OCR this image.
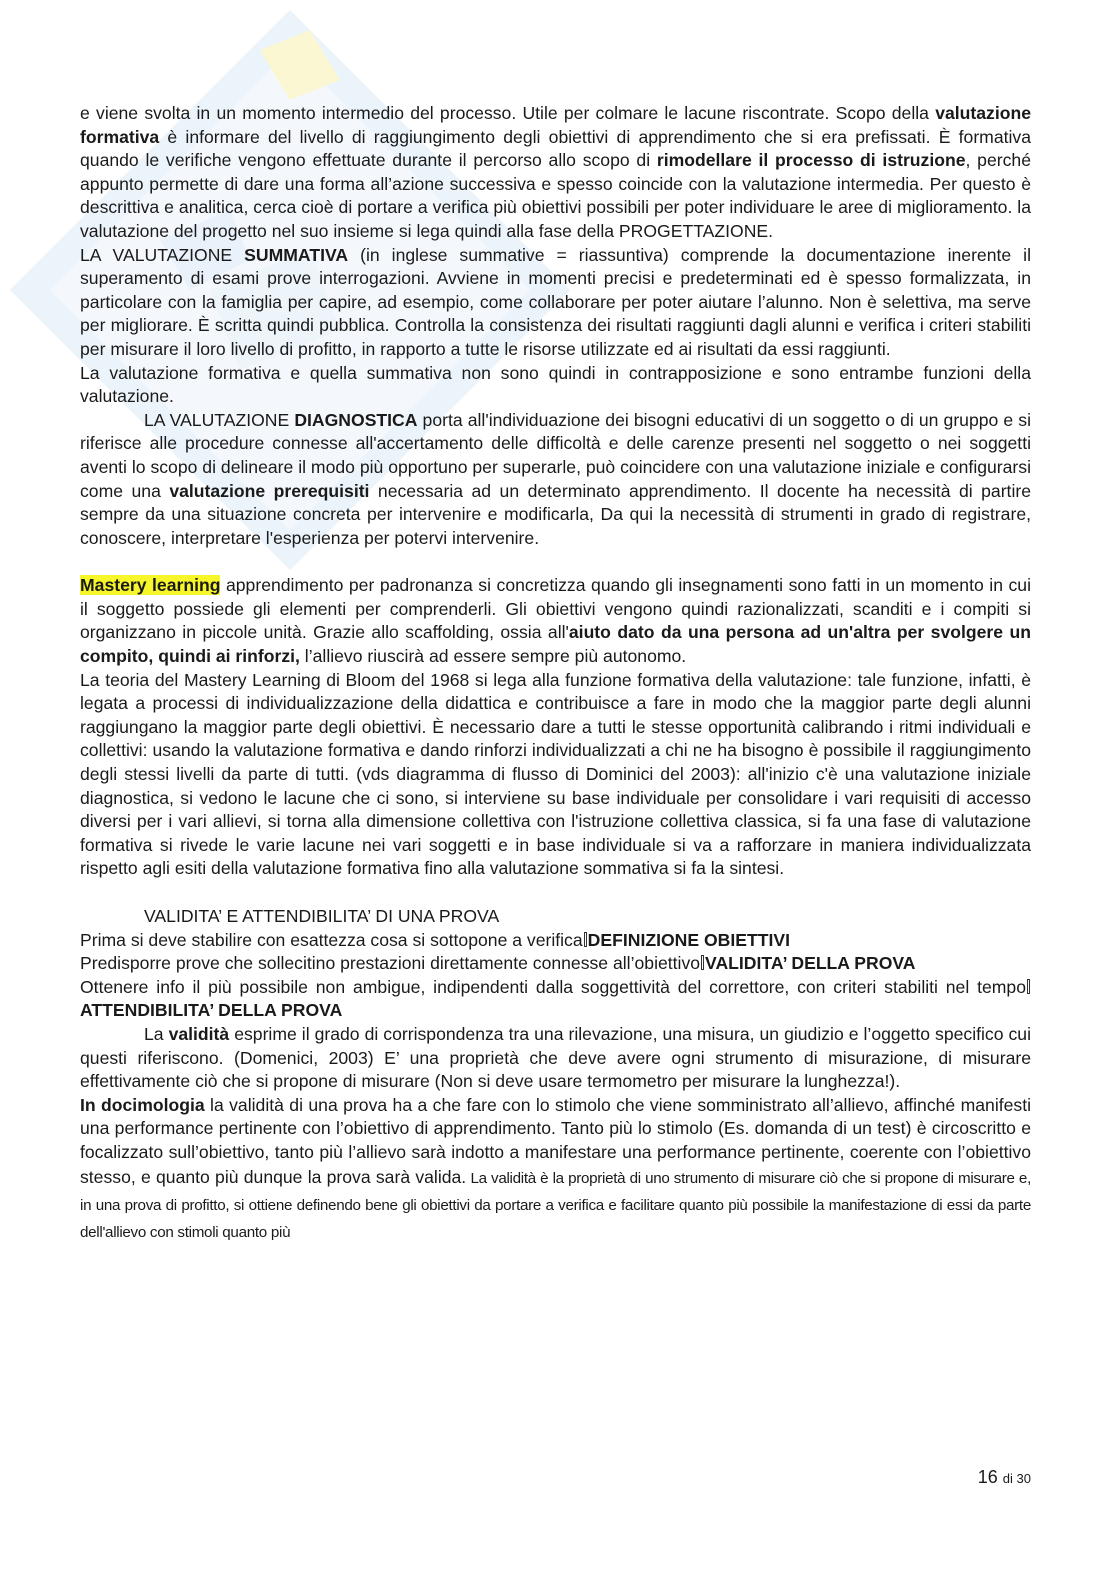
e viene svolta in un momento intermedio del processo. Utile per colmare le lacune riscontrate. Scopo della valutazione formativa è informare del livello di raggiungimento degli obiettivi di apprendimento che si era prefissati. È formativa quando le verifiche vengono effettuate durante il percorso allo scopo di rimodellare il processo di istruzione, perché appunto permette di dare una forma all’azione successiva e spesso coincide con la valutazione intermedia. Per questo è descrittiva e analitica, cerca cioè di portare a verifica più obiettivi possibili per poter individuare le aree di miglioramento. la valutazione del progetto nel suo insieme si lega quindi alla fase della PROGETTAZIONE.

LA VALUTAZIONE SUMMATIVA (in inglese summative = riassuntiva) comprende la documentazione inerente il superamento di esami prove interrogazioni. Avviene in momenti precisi e predeterminati ed è spesso formalizzata, in particolare con la famiglia per capire, ad esempio, come collaborare per poter aiutare l’alunno. Non è selettiva, ma serve per migliorare. È scritta quindi pubblica. Controlla la consistenza dei risultati raggiunti dagli alunni e verifica i criteri stabiliti per misurare il loro livello di profitto, in rapporto a tutte le risorse utilizzate ed ai risultati da essi raggiunti.

La valutazione formativa e quella summativa non sono quindi in contrapposizione e sono entrambe funzioni della valutazione.

LA VALUTAZIONE DIAGNOSTICA porta all'individuazione dei bisogni educativi di un soggetto o di un gruppo e si riferisce alle procedure connesse all'accertamento delle difficoltà e delle carenze presenti nel soggetto o nei soggetti aventi lo scopo di delineare il modo più opportuno per superarle, può coincidere con una valutazione iniziale e configurarsi come una valutazione prerequisiti necessaria ad un determinato apprendimento. Il docente ha necessità di partire sempre da una situazione concreta per intervenire e modificarla, Da qui la necessità di strumenti in grado di registrare, conoscere, interpretare l'esperienza per potervi intervenire.

Mastery learning apprendimento per padronanza si concretizza quando gli insegnamenti sono fatti in un momento in cui il soggetto possiede gli elementi per comprenderli. Gli obiettivi vengono quindi razionalizzati, scanditi e i compiti si organizzano in piccole unità. Grazie allo scaffolding, ossia all'aiuto dato da una persona ad un'altra per svolgere un compito, quindi ai rinforzi, l’allievo riuscirà ad essere sempre più autonomo.

La teoria del Mastery Learning di Bloom del 1968 si lega alla funzione formativa della valutazione: tale funzione, infatti, è legata a processi di individualizzazione della didattica e contribuisce a fare in modo che la maggior parte degli alunni raggiungano la maggior parte degli obiettivi. È necessario dare a tutti le stesse opportunità calibrando i ritmi individuali e collettivi: usando la valutazione formativa e dando rinforzi individualizzati a chi ne ha bisogno è possibile il raggiungimento degli stessi livelli da parte di tutti. (vds diagramma di flusso di Dominici del 2003): all'inizio c'è una valutazione iniziale diagnostica, si vedono le lacune che ci sono, si interviene su base individuale per consolidare i vari requisiti di accesso diversi per i vari allievi, si torna alla dimensione collettiva con l'istruzione collettiva classica, si fa una fase di valutazione formativa si rivede le varie lacune nei vari soggetti e in base individuale si va a rafforzare in maniera individualizzata rispetto agli esiti della valutazione formativa fino alla valutazione sommativa si fa la sintesi.

VALIDITA’ E ATTENDIBILITA’ DI UNA PROVA

Prima si deve stabilire con esattezza cosa si sottopone a verifica DEFINIZIONE OBIETTIVI

Predisporre prove che sollecitino prestazioni direttamente connesse all’obiettivo VALIDITA’ DELLA PROVA

Ottenere info il più possibile non ambigue, indipendenti dalla soggettività del correttore, con criteri stabiliti nel tempoATTENDIBILITA’ DELLA PROVA

La validità esprime il grado di corrispondenza tra una rilevazione, una misura, un giudizio e l’oggetto specifico cui questi riferiscono. (Domenici, 2003) E’ una proprietà che deve avere ogni strumento di misurazione, di misurare effettivamente ciò che si propone di misurare (Non si deve usare termometro per misurare la lunghezza!).

In docimologia la validità di una prova ha a che fare con lo stimolo che viene somministrato all’allievo, affinché manifesti una performance pertinente con l’obiettivo di apprendimento. Tanto più lo stimolo (Es. domanda di un test) è circoscritto e focalizzato sull’obiettivo, tanto più l’allievo sarà indotto a manifestare una performance pertinente, coerente con l’obiettivo stesso, e quanto più dunque la prova sarà valida. La validità è la proprietà di uno strumento di misurare ciò che si propone di misurare e, in una prova di profitto, si ottiene definendo bene gli obiettivi da portare a verifica e facilitare quanto più possibile la manifestazione di essi da parte dell'allievo con stimoli quanto più

16 di 30
